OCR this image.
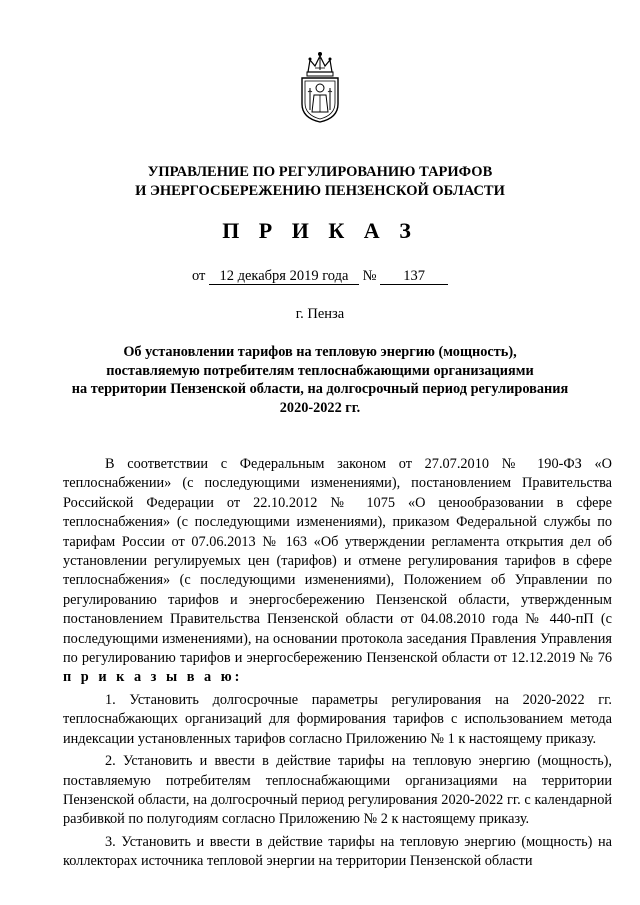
УПРАВЛЕНИЕ ПО РЕГУЛИРОВАНИЮ ТАРИФОВ
И ЭНЕРГОСБЕРЕЖЕНИЮ ПЕНЗЕНСКОЙ ОБЛАСТИ
П Р И К А З
от 12 декабря 2019 года № 137
г. Пенза
Об установлении тарифов на тепловую энергию (мощность),
поставляемую потребителям теплоснабжающими организациями
на территории Пензенской области, на долгосрочный период регулирования
2020-2022 гг.

В соответствии с Федеральным законом от 27.07.2010 № 190-ФЗ «О теплоснабжении» (с последующими изменениями), постановлением Правительства Российской Федерации от 22.10.2012 № 1075 «О ценообразовании в сфере теплоснабжения» (с последующими изменениями), приказом Федеральной службы по тарифам России от 07.06.2013 № 163 «Об утверждении регламента открытия дел об установлении регулируемых цен (тарифов) и отмене регулирования тарифов в сфере теплоснабжения» (с последующими изменениями), Положением об Управлении по регулированию тарифов и энергосбережению Пензенской области, утвержденным постановлением Правительства Пензенской области от 04.08.2010 года № 440-пП (с последующими изменениями), на основании протокола заседания Правления Управления по регулированию тарифов и энергосбережению Пензенской области от 12.12.2019 № 76 п р и к а з ы в а ю:

1. Установить долгосрочные параметры регулирования на 2020-2022 гг. теплоснабжающих организаций для формирования тарифов с использованием метода индексации установленных тарифов согласно Приложению № 1 к настоящему приказу.

2. Установить и ввести в действие тарифы на тепловую энергию (мощность), поставляемую потребителям теплоснабжающими организациями на территории Пензенской области, на долгосрочный период регулирования 2020-2022 гг. с календарной разбивкой по полугодиям согласно Приложению № 2 к настоящему приказу.

3. Установить и ввести в действие тарифы на тепловую энергию (мощность) на коллекторах источника тепловой энергии на территории Пензенской области
